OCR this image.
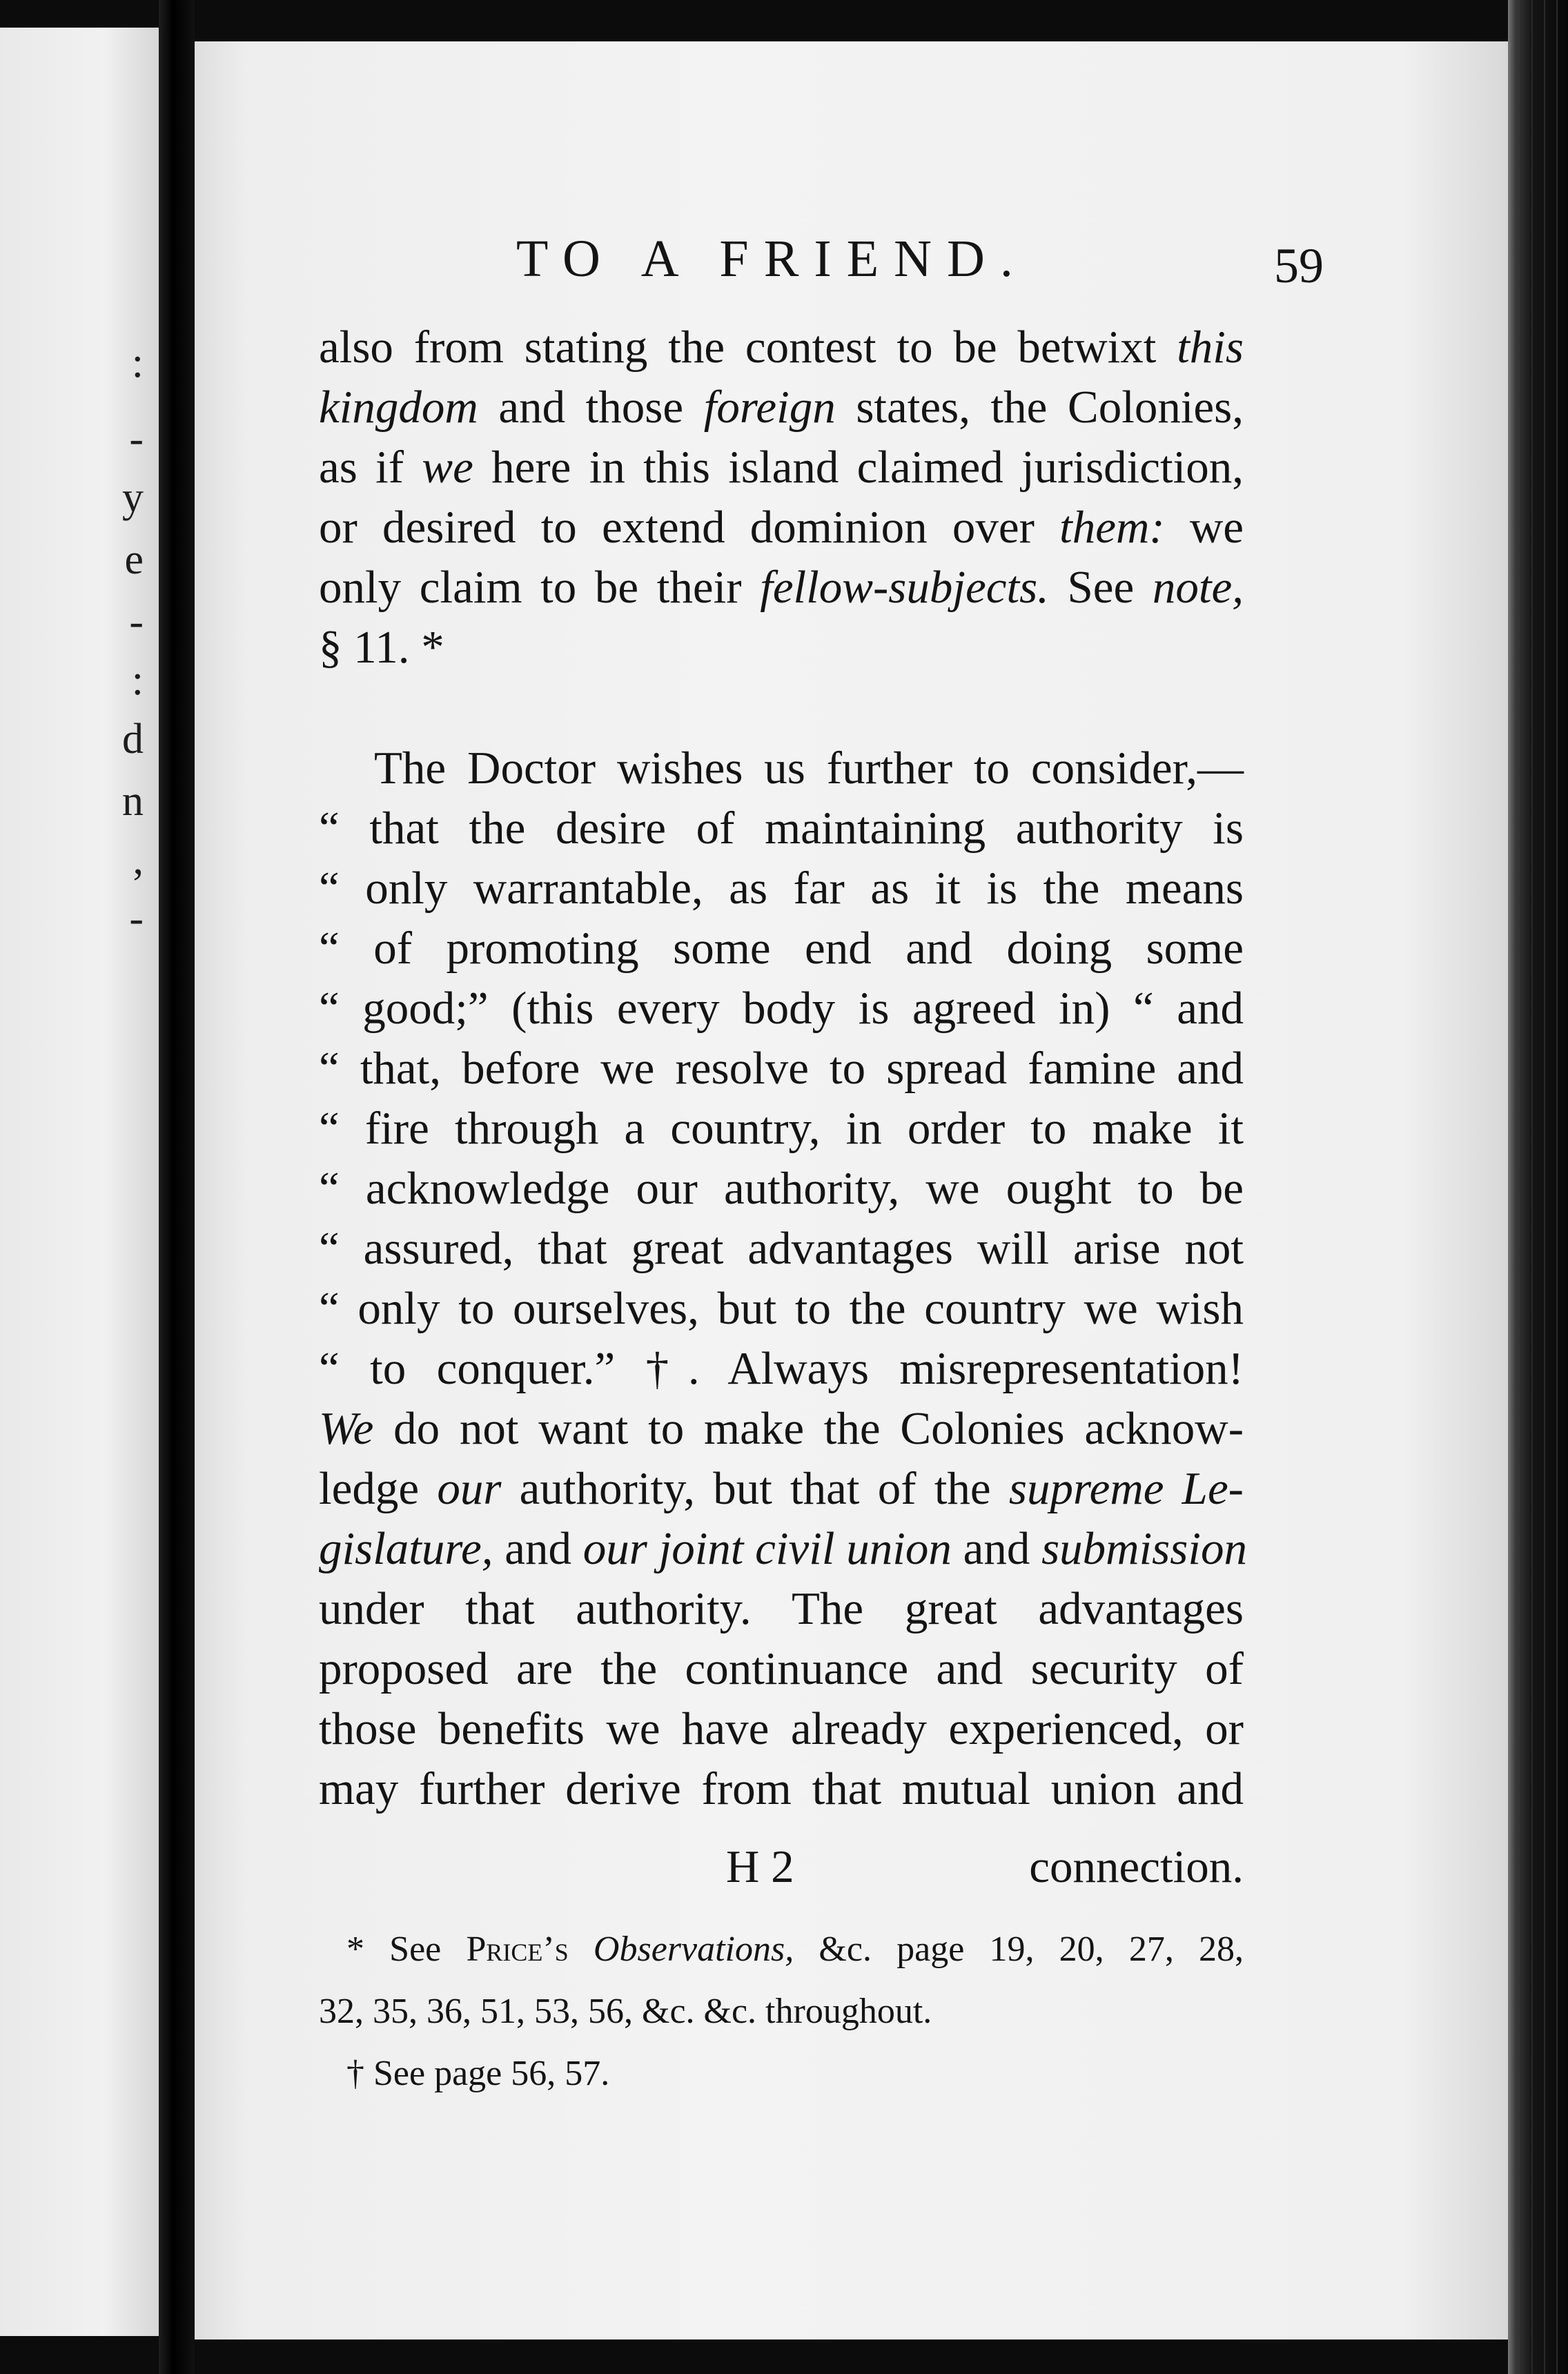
:
-
y
e
-
:
d
n
,
-
TO A FRIEND.	59
also from stating the contest to be betwixt this
kingdom and those foreign states, the Colonies,
as if we here in this island claimed jurisdiction,
or desired to extend dominion over them: we
only claim to be their fellow-subjects. See note,
§ 11. *
The Doctor wishes us further to consider,—
“ that the desire of maintaining authority is
“ only warrantable, as far as it is the means
“ of promoting some end and doing some
“ good;” (this every body is agreed in) “ and
“ that, before we resolve to spread famine and
“ fire through a country, in order to make it
“ acknowledge our authority, we ought to be
“ assured, that great advantages will arise not
“ only to ourselves, but to the country we wish
“ to conquer.” †. Always misrepresentation!
We do not want to make the Colonies acknow-
ledge our authority, but that of the supreme Le-
gislature, and our joint civil union and submission
under that authority. The great advantages
proposed are the continuance and security of
those benefits we have already experienced, or
may further derive from that mutual union and
H 2	connection.
* See Price’s Observations, &c. page 19, 20, 27, 28,
32, 35, 36, 51, 53, 56, &c. &c. throughout.
† See page 56, 57.
